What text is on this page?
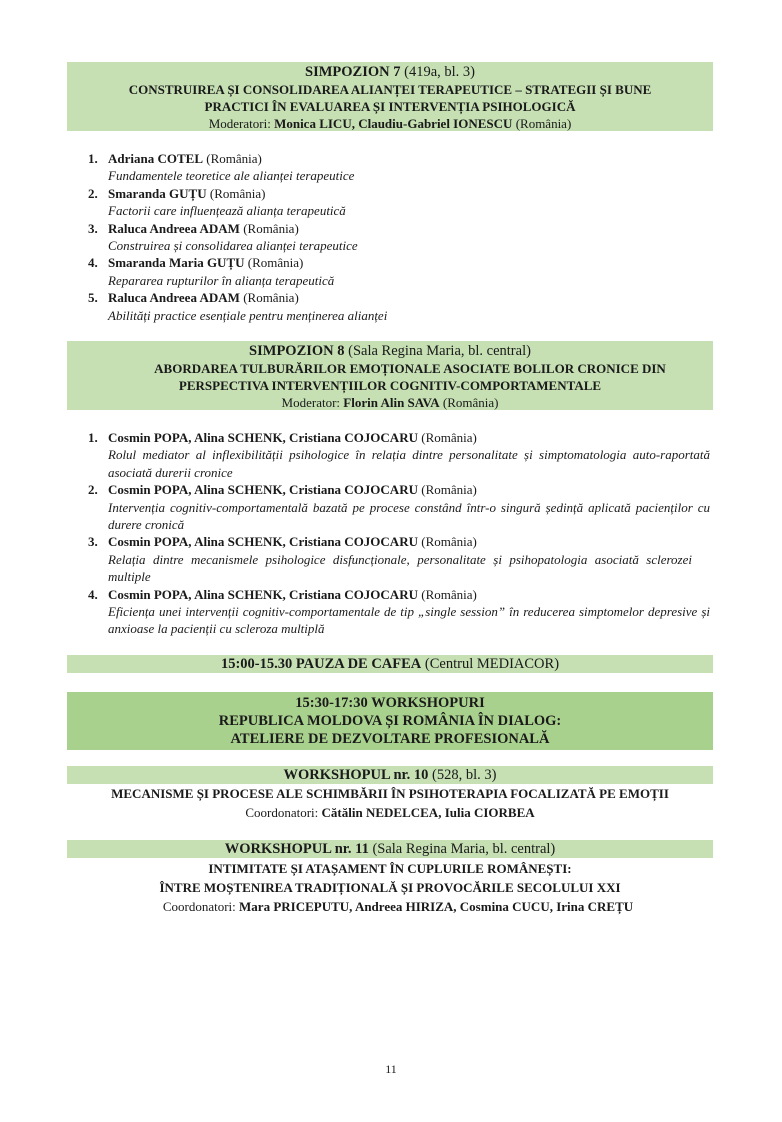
SIMPOZION 7 (419a, bl. 3)
CONSTRUIREA ȘI CONSOLIDAREA ALIANȚEI TERAPEUTICE – STRATEGII ȘI BUNE
PRACTICI ÎN EVALUAREA ȘI INTERVENȚIA PSIHOLOGICĂ
Moderatori: Monica LICU, Claudiu-Gabriel IONESCU (România)
1. Adriana COTEL (România)
Fundamentele teoretice ale alianței terapeutice
2. Smaranda GUȚU (România)
Factorii care influențează alianța terapeutică
3. Raluca Andreea ADAM (România)
Construirea și consolidarea alianței terapeutice
4. Smaranda Maria GUȚU (România)
Repararea rupturilor în alianța terapeutică
5. Raluca Andreea ADAM (România)
Abilități practice esențiale pentru menținerea alianței
SIMPOZION 8 (Sala Regina Maria, bl. central)
ABORDAREA TULBURĂRILOR EMOȚIONALE ASOCIATE BOLILOR CRONICE DIN
PERSPECTIVA INTERVENȚIILOR COGNITIV-COMPORTAMENTALE
Moderator: Florin Alin SAVA (România)
1. Cosmin POPA, Alina SCHENK, Cristiana COJOCARU (România)
Rolul mediator al inflexibilității psihologice în relația dintre personalitate și simptomatologia auto-raportată asociată durerii cronice
2. Cosmin POPA, Alina SCHENK, Cristiana COJOCARU (România)
Intervenția cognitiv-comportamentală bazată pe procese constând într-o singură ședință aplicată pacienților cu durere cronică
3. Cosmin POPA, Alina SCHENK, Cristiana COJOCARU (România)
Relația dintre mecanismele psihologice disfuncționale, personalitate și psihopatologia asociată sclerozei multiple
4. Cosmin POPA, Alina SCHENK, Cristiana COJOCARU (România)
Eficiența unei intervenții cognitiv-comportamentale de tip „single session” în reducerea simptomelor depresive și anxioase la pacienții cu scleroza multiplă
15:00-15.30 PAUZA DE CAFEA (Centrul MEDIACOR)
15:30-17:30 WORKSHOPURI
REPUBLICA MOLDOVA ȘI ROMÂNIA ÎN DIALOG:
ATELIERE DE DEZVOLTARE PROFESIONALĂ
WORKSHOPUL nr. 10 (528, bl. 3)
MECANISME ȘI PROCESE ALE SCHIMBĂRII ÎN PSIHOTERAPIA FOCALIZATĂ PE EMOȚII
Coordonatori: Cătălin NEDELCEA, Iulia CIORBEA
WORKSHOPUL nr. 11 (Sala Regina Maria, bl. central)
INTIMITATE ȘI ATAȘAMENT ÎN CUPLURILE ROMÂNEȘTI:
ÎNTRE MOȘTENIREA TRADIȚIONALĂ ȘI PROVOCĂRILE SECOLULUI XXI
Coordonatori: Mara PRICEPUTU, Andreea HIRIZA, Cosmina CUCU, Irina CREȚU
11
